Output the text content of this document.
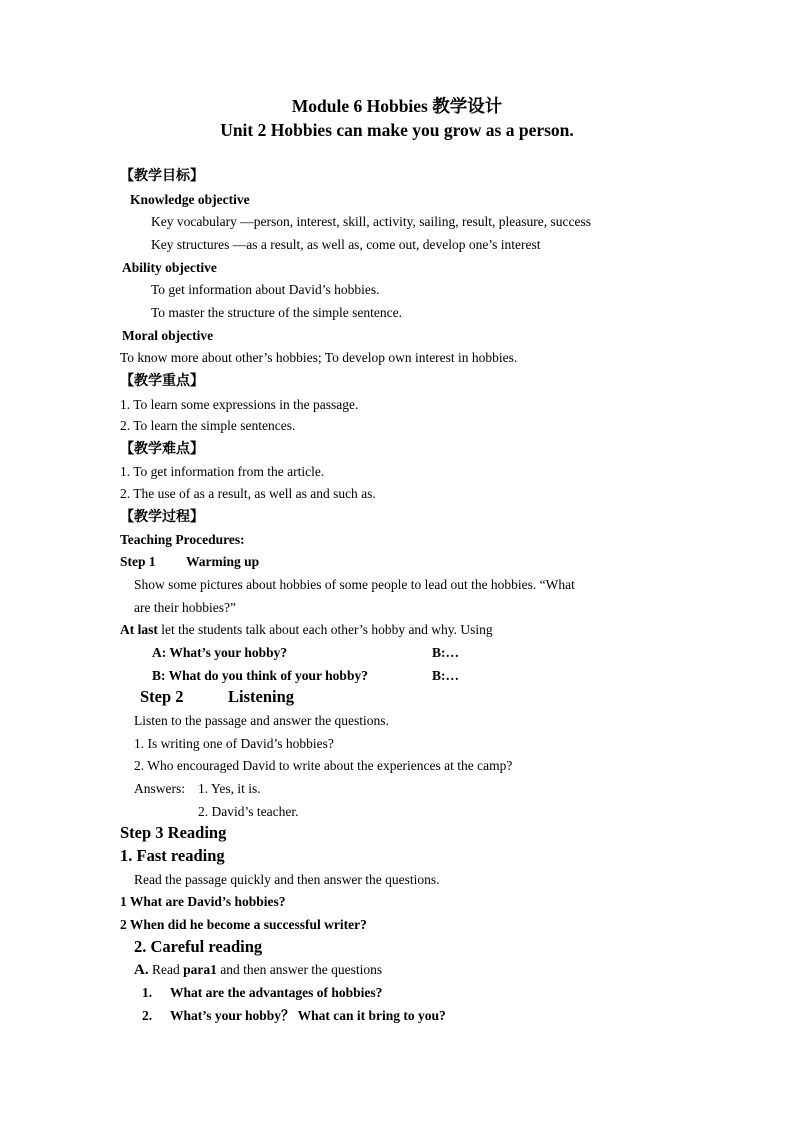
Module 6 Hobbies 教学设计
Unit 2 Hobbies can make you grow as a person.
【教学目标】
Knowledge objective
Key vocabulary —person, interest, skill, activity, sailing, result, pleasure, success
Key structures —as a result, as well as, come out, develop one’s interest
Ability objective
To get information about David’s hobbies.
To master the structure of the simple sentence.
Moral objective
To know more about other’s hobbies; To develop own interest in hobbies.
【教学重点】
1. To learn some expressions in the passage.
2. To learn the simple sentences.
【教学难点】
1. To get information from the article.
2. The use of as a result, as well as and such as.
【教学过程】
Teaching Procedures:
Step 1 Warming up
Show some pictures about hobbies of some people to lead out the hobbies. “What
are their hobbies?”
At last let the students talk about each other’s hobby and why. Using
A: What’s your hobby?	B:…
B: What do you think of your hobby?	B:…
Step 2	Listening
Listen to the passage and answer the questions.
1. Is writing one of David’s hobbies?
2. Who encouraged David to write about the experiences at the camp?
Answers: 1. Yes, it is.
2. David’s teacher.
Step 3 Reading
1. Fast reading
Read the passage quickly and then answer the questions.
1 What are David’s hobbies?
2 When did he become a successful writer?
2. Careful reading
A. Read para1 and then answer the questions
1. What are the advantages of hobbies?
2. What’s your hobby？ What can it bring to you?
